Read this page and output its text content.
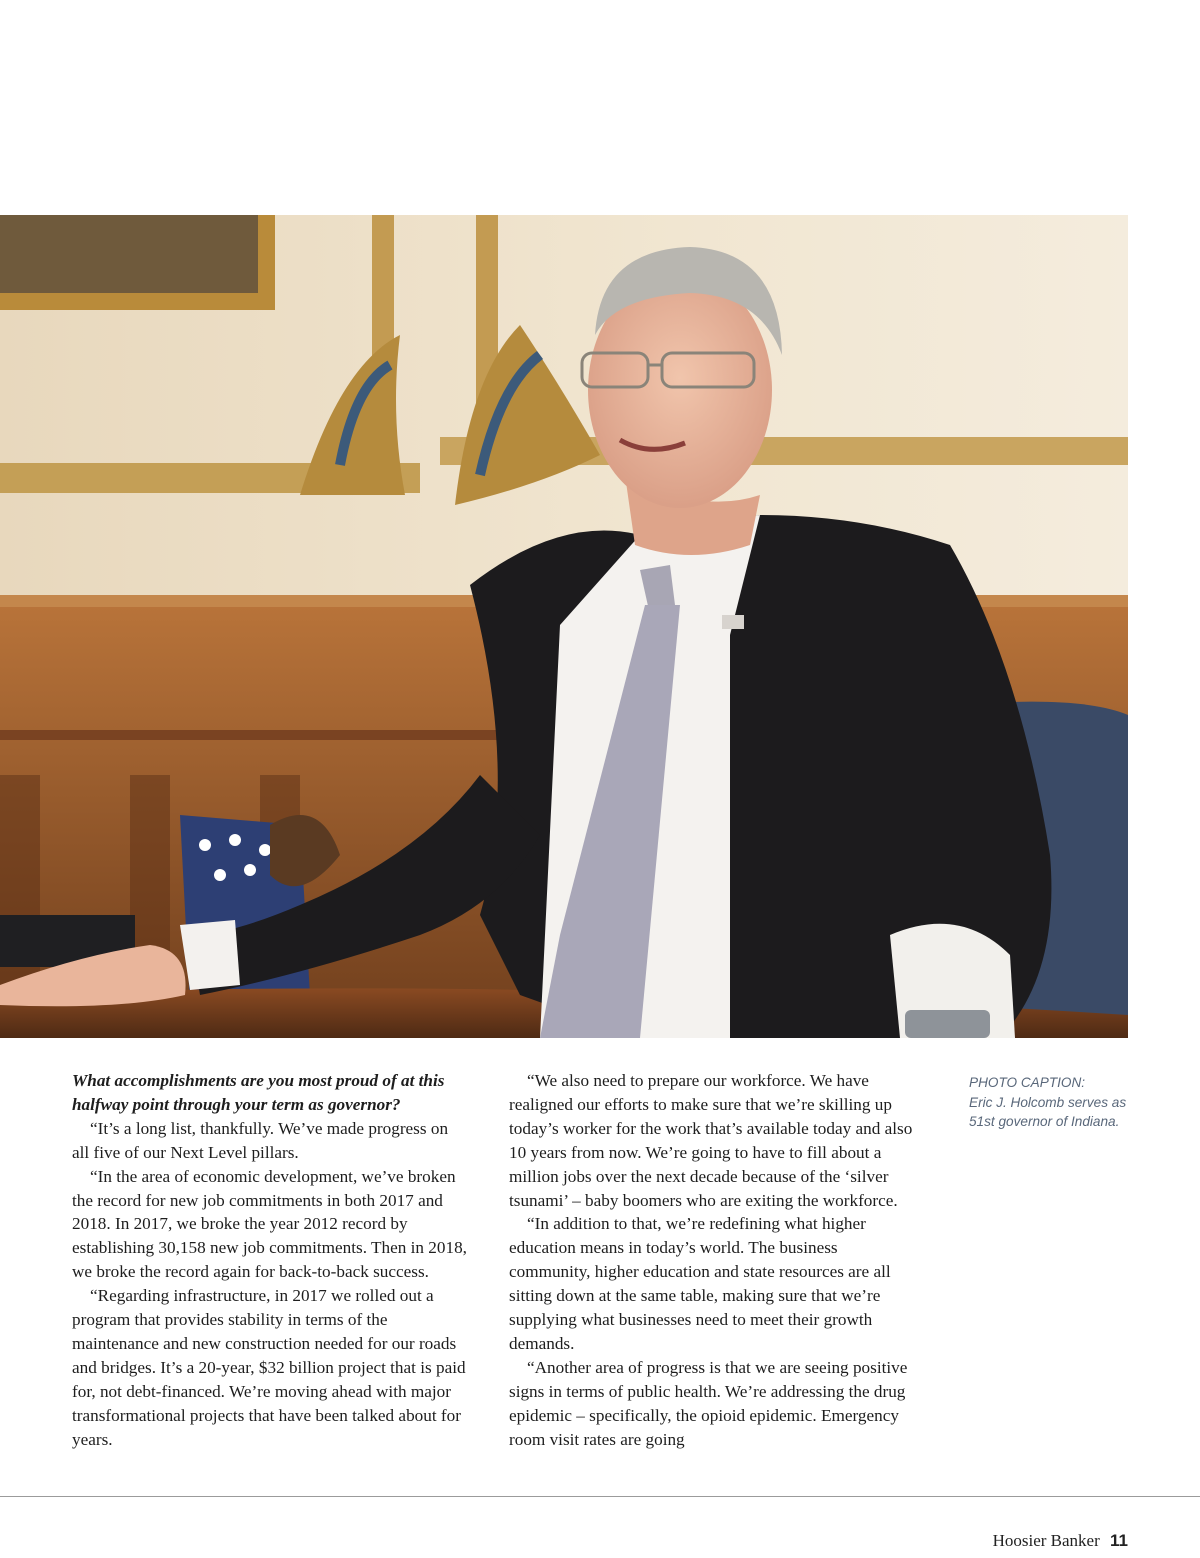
What accomplishments are you most proud of at this halfway point through your term as governor?

“It’s a long list, thankfully. We’ve made progress on all five of our Next Level pillars.

“In the area of economic development, we’ve broken the record for new job commitments in both 2017 and 2018. In 2017, we broke the year 2012 record by establishing 30,158 new job commitments. Then in 2018, we broke the record again for back-to-back success.

“Regarding infrastructure, in 2017 we rolled out a program that provides stability in terms of the maintenance and new construction needed for our roads and bridges. It’s a 20-year, $32 billion project that is paid for, not debt-financed. We’re moving ahead with major transformational projects that have been talked about for years.

“We also need to prepare our workforce. We have realigned our efforts to make sure that we’re skilling up today’s worker for the work that’s available today and also 10 years from now. We’re going to have to fill about a million jobs over the next decade because of the ‘silver tsunami’ – baby boomers who are exiting the workforce.

“In addition to that, we’re redefining what higher education means in today’s world. The business community, higher education and state resources are all sitting down at the same table, making sure that we’re supplying what businesses need to meet their growth demands.

“Another area of progress is that we are seeing positive signs in terms of public health. We’re addressing the drug epidemic – specifically, the opioid epidemic. Emergency room visit rates are going

PHOTO CAPTION:
Eric J. Holcomb serves as
51st governor of Indiana.
Hoosier Banker 11
